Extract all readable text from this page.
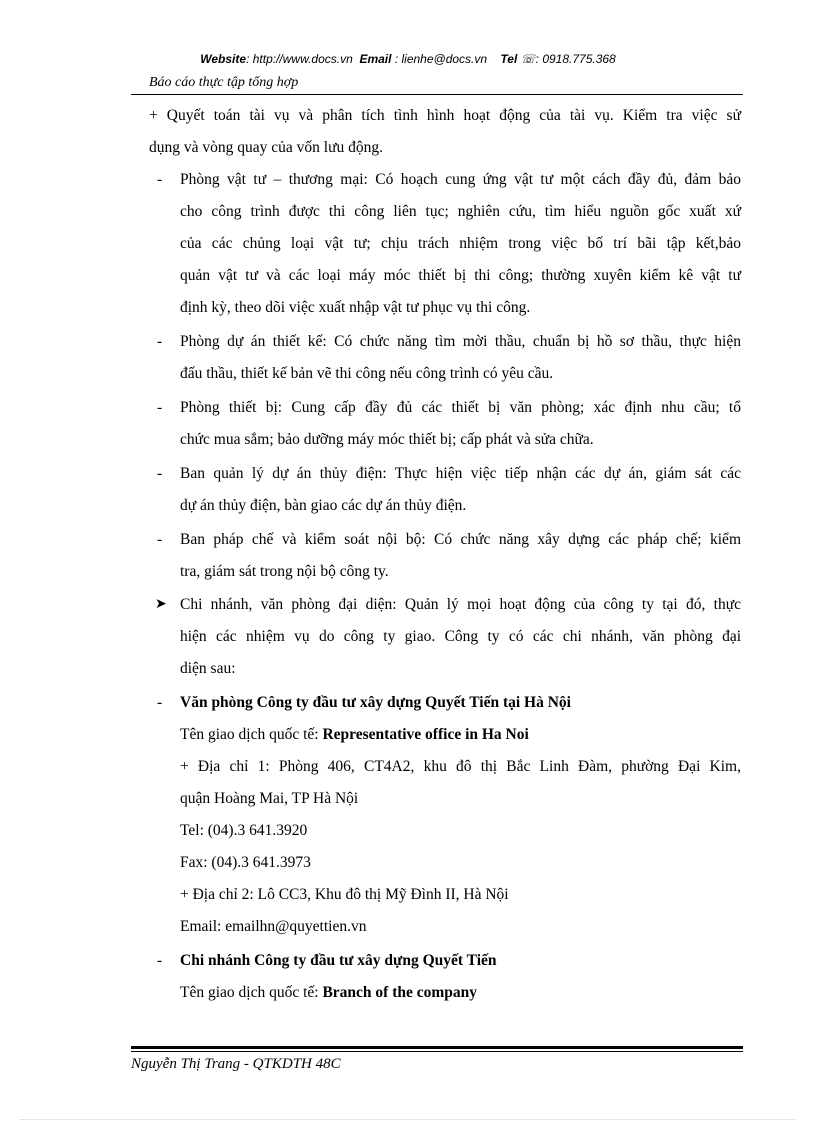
Website: http://www.docs.vn Email : lienhe@docs.vn Tel ☏: 0918.775.368
Báo cáo thực tập tổng hợp
+ Quyết toán tài vụ và phân tích tình hình hoạt động của tài vụ. Kiểm tra việc sử
dụng và vòng quay của vốn lưu động.
- Phòng vật tư – thương mại: Có hoạch cung ứng vật tư một cách đầy đủ, đảm bảo
cho công trình được thi công liên tục; nghiên cứu, tìm hiểu nguồn gốc xuất xứ
của các chủng loại vật tư; chịu trách nhiệm trong việc bố trí bãi tập kết,bảo
quản vật tư và các loại máy móc thiết bị thi công; thường xuyên kiểm kê vật tư
định kỳ, theo dõi việc xuất nhập vật tư phục vụ thi công.
- Phòng dự án thiết kế: Có chức năng tìm mời thầu, chuẩn bị hồ sơ thầu, thực hiện
đấu thầu, thiết kế bản vẽ thi công nếu công trình có yêu cầu.
- Phòng thiết bị: Cung cấp đầy đủ các thiết bị văn phòng; xác định nhu cầu; tổ
chức mua sắm; bảo dưỡng máy móc thiết bị; cấp phát và sửa chữa.
- Ban quản lý dự án thủy điện: Thực hiện việc tiếp nhận các dự án, giám sát các
dự án thủy điện, bàn giao các dự án thủy điện.
- Ban pháp chế và kiểm soát nội bộ: Có chức năng xây dựng các pháp chế; kiểm
tra, giám sát trong nội bộ công ty.
➤ Chi nhánh, văn phòng đại diện: Quản lý mọi hoạt động của công ty tại đó, thực
hiện các nhiệm vụ do công ty giao. Công ty có các chi nhánh, văn phòng đại
diện sau:
- Văn phòng Công ty đầu tư xây dựng Quyết Tiến tại Hà Nội
Tên giao dịch quốc tế: Representative office in Ha Noi
+ Địa chỉ 1: Phòng 406, CT4A2, khu đô thị Bắc Linh Đàm, phường Đại Kim,
quận Hoàng Mai, TP Hà Nội
Tel: (04).3 641.3920
Fax: (04).3 641.3973
+ Địa chỉ 2: Lô CC3, Khu đô thị Mỹ Đình II, Hà Nội
Email: emailhn@quyettien.vn
- Chi nhánh Công ty đầu tư xây dựng Quyết Tiến
Tên giao dịch quốc tế: Branch of the company
Nguyễn Thị Trang - QTKDTH 48C
